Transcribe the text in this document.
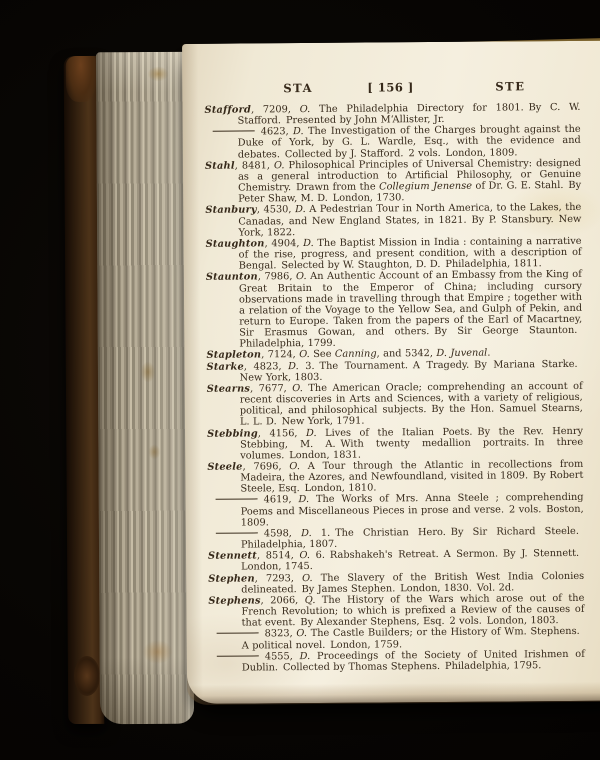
STA	[ 156 ]	STE

Stafford, 7209, O. The Philadelphia Directory for 1801. By C. W. Stafford. Presented by John M‘Allister, Jr.

4623, D. The Investigation of the Charges brought against the Duke of York, by G. L. Wardle, Esq., with the evidence and debates. Collected by J. Stafford. 2 vols. London, 1809.

Stahl, 8481, O. Philosophical Principles of Universal Chemistry: designed as a general introduction to Artificial Philosophy, or Genuine Chemistry. Drawn from the Collegium Jenense of Dr. G. E. Stahl. By Peter Shaw, M. D. London, 1730.

Stanbury, 4530, D. A Pedestrian Tour in North America, to the Lakes, the Canadas, and New England States, in 1821. By P. Stansbury. New York, 1822.

Staughton, 4904, D. The Baptist Mission in India : containing a narrative of the rise, progress, and present condition, with a description of Bengal. Selected by W. Staughton, D. D. Philadelphia, 1811.

Staunton, 7986, O. An Authentic Account of an Embassy from the King of Great Britain to the Emperor of China; including cursory observations made in travelling through that Empire ; together with a relation of the Voyage to the Yellow Sea, and Gulph of Pekin, and return to Europe. Taken from the papers of the Earl of Macartney, Sir Erasmus Gowan, and others. By Sir George Staunton. Philadelphia, 1799.

Stapleton, 7124, O. See Canning, and 5342, D. Juvenal.

Starke, 4823, D. 3. The Tournament. A Tragedy. By Mariana Starke. New York, 1803.

Stearns, 7677, O. The American Oracle; comprehending an account of recent discoveries in Arts and Sciences, with a variety of religious, political, and philosophical subjects. By the Hon. Samuel Stearns, L. L. D. New York, 1791.

Stebbing, 4156, D. Lives of the Italian Poets. By the Rev. Henry Stebbing, M. A. With twenty medallion portraits. In three volumes. London, 1831.

Steele, 7696, O. A Tour through the Atlantic in recollections from Madeira, the Azores, and Newfoundland, visited in 1809. By Robert Steele, Esq. London, 1810.

4619, D. The Works of Mrs. Anna Steele ; comprehending Poems and Miscellaneous Pieces in prose and verse. 2 vols. Boston, 1809.

4598, D. 1. The Christian Hero. By Sir Richard Steele. Philadelphia, 1807.

Stennett, 8514, O. 6. Rabshakeh's Retreat. A Sermon. By J. Stennett. London, 1745.

Stephen, 7293, O. The Slavery of the British West India Colonies delineated. By James Stephen. London, 1830. Vol. 2d.

Stephens, 2066, Q. The History of the Wars which arose out of the French Revolution; to which is prefixed a Review of the causes of that event. By Alexander Stephens, Esq. 2 vols. London, 1803.

8323, O. The Castle Builders; or the History of Wm. Stephens. A political novel. London, 1759.

4555, D. Proceedings of the Society of United Irishmen of Dublin. Collected by Thomas Stephens. Philadelphia, 1795.
